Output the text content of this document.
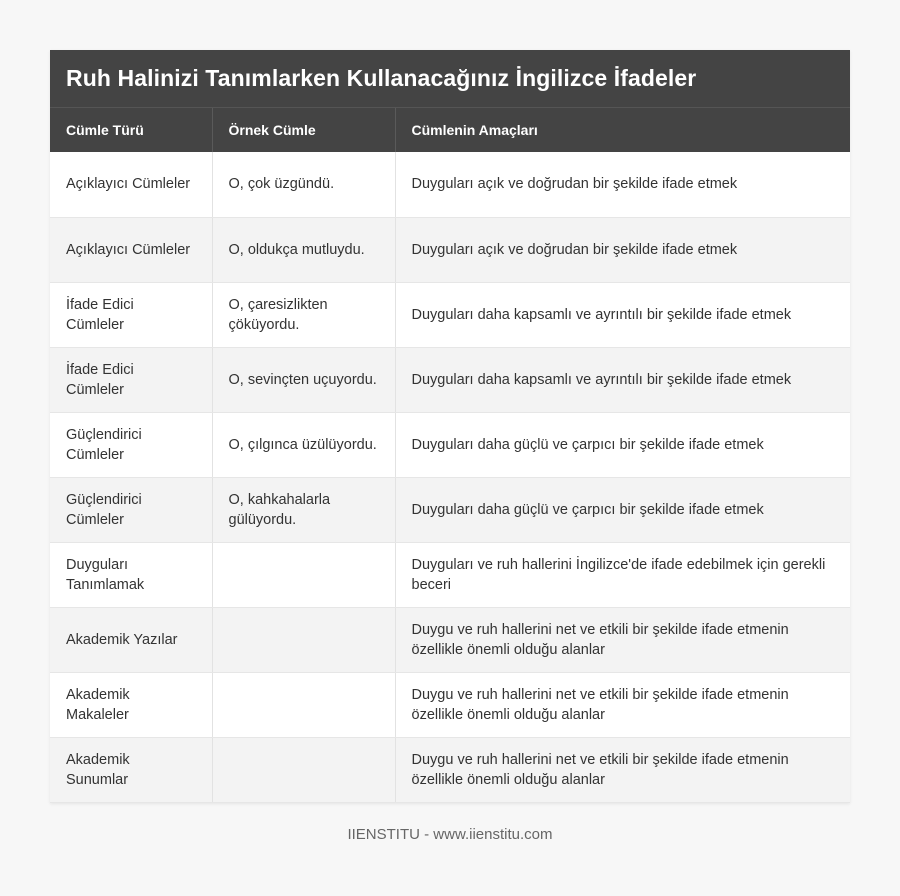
Ruh Halinizi Tanımlarken Kullanacağınız İngilizce İfadeler
Cümle Türü	Örnek Cümle	Cümlenin Amaçları
Açıklayıcı Cümleler	O, çok üzgündü.	Duyguları açık ve doğrudan bir şekilde ifade etmek
Açıklayıcı Cümleler	O, oldukça mutluydu.	Duyguları açık ve doğrudan bir şekilde ifade etmek
İfade Edici Cümleler	O, çaresizlikten çöküyordu.	Duyguları daha kapsamlı ve ayrıntılı bir şekilde ifade etmek
İfade Edici Cümleler	O, sevinçten uçuyordu.	Duyguları daha kapsamlı ve ayrıntılı bir şekilde ifade etmek
Güçlendirici Cümleler	O, çılgınca üzülüyordu.	Duyguları daha güçlü ve çarpıcı bir şekilde ifade etmek
Güçlendirici Cümleler	O, kahkahalarla gülüyordu.	Duyguları daha güçlü ve çarpıcı bir şekilde ifade etmek
Duyguları Tanımlamak		Duyguları ve ruh hallerini İngilizce'de ifade edebilmek için gerekli beceri
Akademik Yazılar		Duygu ve ruh hallerini net ve etkili bir şekilde ifade etmenin özellikle önemli olduğu alanlar
Akademik Makaleler		Duygu ve ruh hallerini net ve etkili bir şekilde ifade etmenin özellikle önemli olduğu alanlar
Akademik Sunumlar		Duygu ve ruh hallerini net ve etkili bir şekilde ifade etmenin özellikle önemli olduğu alanlar
IIENSTITU - www.iienstitu.com
